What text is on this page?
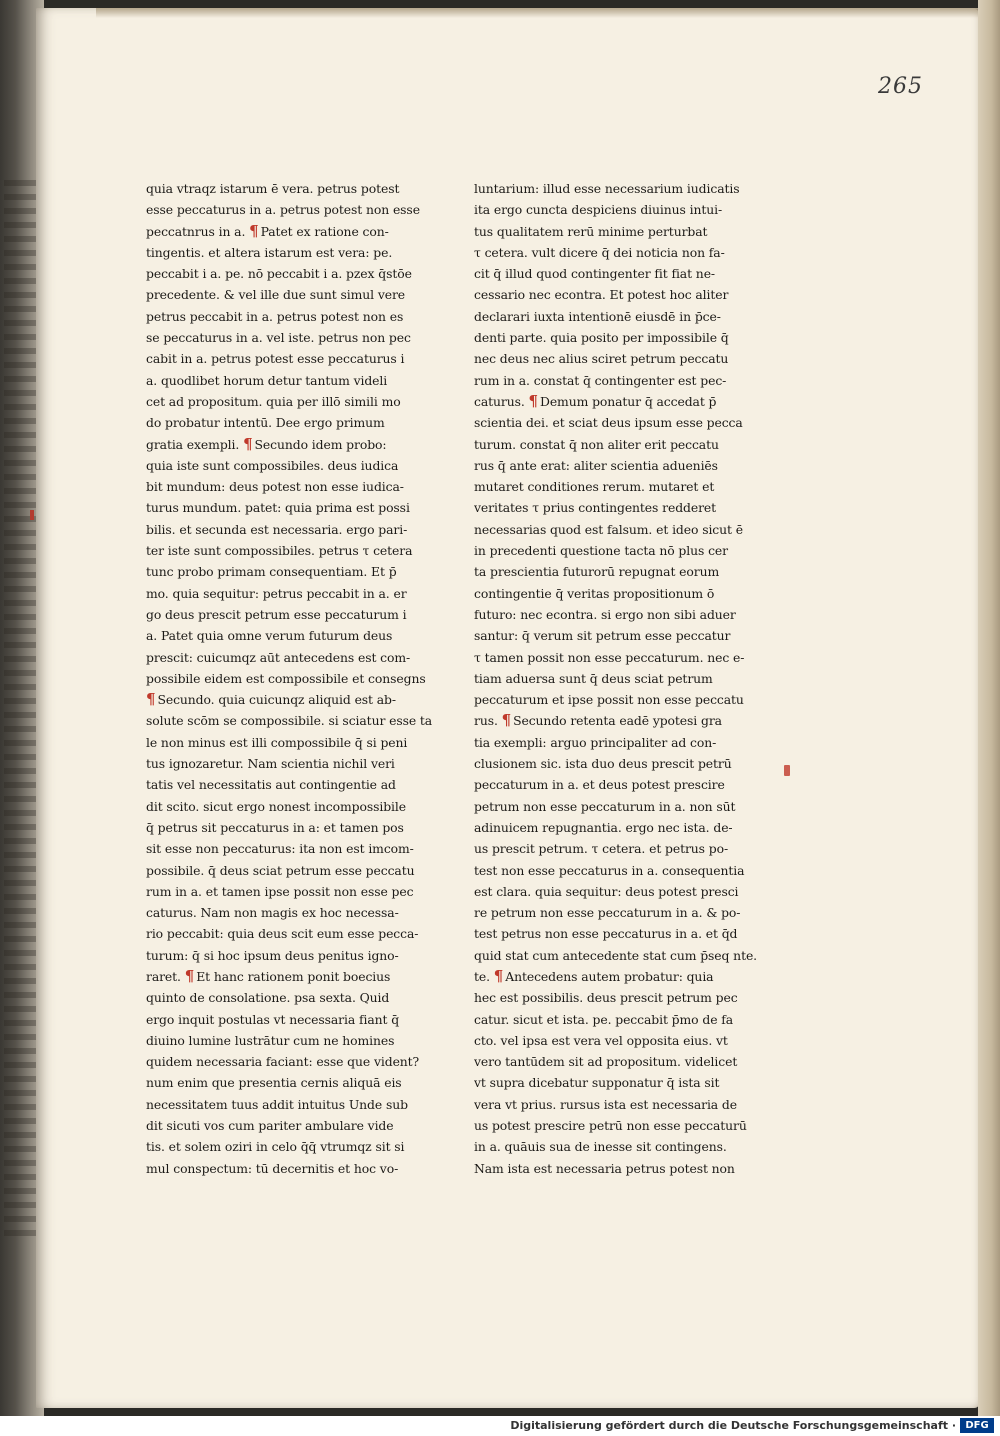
265
quia vtraqz istarum ē vera. petrus potest
esse peccaturus in a. petrus potest non esse
peccatnrus in a. ¶ Patet ex ratione con-
tingentis. et altera istarum est vera: pe.
peccabit i a. pe. nō peccabit i a. pzex q̄stōe
precedente. & vel ille due sunt simul vere
petrus peccabit in a. petrus potest non es
se peccaturus in a. vel iste. petrus non pec
cabit in a. petrus potest esse peccaturus i
a. quodlibet horum detur tantum videli
cet ad propositum. quia per illō simili mo
do probatur intentū. Dee ergo primum
gratia exempli. ¶ Secundo idem probo:
quia iste sunt compossibiles. deus iudica
bit mundum: deus potest non esse iudica-
turus mundum. patet: quia prima est possi
bilis. et secunda est necessaria. ergo pari-
ter iste sunt compossibiles. petrus τ cetera
tunc probo primam consequentiam. Et p̄
mo. quia sequitur: petrus peccabit in a. er
go deus prescit petrum esse peccaturum i
a. Patet quia omne verum futurum deus
prescit: cuicumqz aūt antecedens est com-
possibile eidem est compossibile et consegns
¶ Secundo. quia cuicunqz aliquid est ab-
solute scōm se compossibile. si sciatur esse ta
le non minus est illi compossibile q̄ si peni
tus ignozaretur. Nam scientia nichil veri
tatis vel necessitatis aut contingentie ad
dit scito. sicut ergo nonest incompossibile
q̄ petrus sit peccaturus in a: et tamen pos
sit esse non peccaturus: ita non est imcom-
possibile. q̄ deus sciat petrum esse peccatu
rum in a. et tamen ipse possit non esse pec
caturus. Nam non magis ex hoc necessa-
rio peccabit: quia deus scit eum esse pecca-
turum: q̄ si hoc ipsum deus penitus igno-
raret. ¶ Et hanc rationem ponit boecius
quinto de consolatione. psa sexta. Quid
ergo inquit postulas vt necessaria fiant q̄
diuino lumine lustrātur cum ne homines
quidem necessaria faciant: esse que vident?
num enim que presentia cernis aliquā eis
necessitatem tuus addit intuitus Unde sub
dit sicuti vos cum pariter ambulare vide
tis. et solem oziri in celo q̄q̄ vtrumqz sit si
mul conspectum: tū decernitis et hoc vo-
luntarium: illud esse necessarium iudicatis
ita ergo cuncta despiciens diuinus intui-
tus qualitatem rerū minime perturbat
τ cetera. vult dicere q̄ dei noticia non fa-
cit q̄ illud quod contingenter fit fiat ne-
cessario nec econtra. Et potest hoc aliter
declarari iuxta intentionē eiusdē in p̄ce-
denti parte. quia posito per impossibile q̄
nec deus nec alius sciret petrum peccatu
rum in a. constat q̄ contingenter est pec-
caturus. ¶ Demum ponatur q̄ accedat p̄
scientia dei. et sciat deus ipsum esse pecca
turum. constat q̄ non aliter erit peccatu
rus q̄ ante erat: aliter scientia adueniēs
mutaret conditiones rerum. mutaret et
veritates τ prius contingentes redderet
necessarias quod est falsum. et ideo sicut ē
in precedenti questione tacta nō plus cer
ta prescientia futurorū repugnat eorum
contingentie q̄ veritas propositionum ō
futuro: nec econtra. si ergo non sibi aduer
santur: q̄ verum sit petrum esse peccatur
τ tamen possit non esse peccaturum. nec e-
tiam aduersa sunt q̄ deus sciat petrum
peccaturum et ipse possit non esse peccatu
rus. ¶ Secundo retenta eadē ypotesi gra
tia exempli: arguo principaliter ad con-
clusionem sic. ista duo deus prescit petrū
peccaturum in a. et deus potest prescire
petrum non esse peccaturum in a. non sūt
adinuicem repugnantia. ergo nec ista. de-
us prescit petrum. τ cetera. et petrus po-
test non esse peccaturus in a. consequentia
est clara. quia sequitur: deus potest presci
re petrum non esse peccaturum in a. & po-
test petrus non esse peccaturus in a. et q̄d
quid stat cum antecedente stat cum p̄seq nte.
te. ¶ Antecedens autem probatur: quia
hec est possibilis. deus prescit petrum pec
catur. sicut et ista. pe. peccabit p̄mo de fa
cto. vel ipsa est vera vel opposita eius. vt
vero tantūdem sit ad propositum. videlicet
vt supra dicebatur supponatur q̄ ista sit
vera vt prius. rursus ista est necessaria de
us potest prescire petrū non esse peccaturū
in a. quāuis sua de inesse sit contingens.
Nam ista est necessaria petrus potest non
Digitalisierung gefördert durch die Deutsche Forschungsgemeinschaft · DFG
